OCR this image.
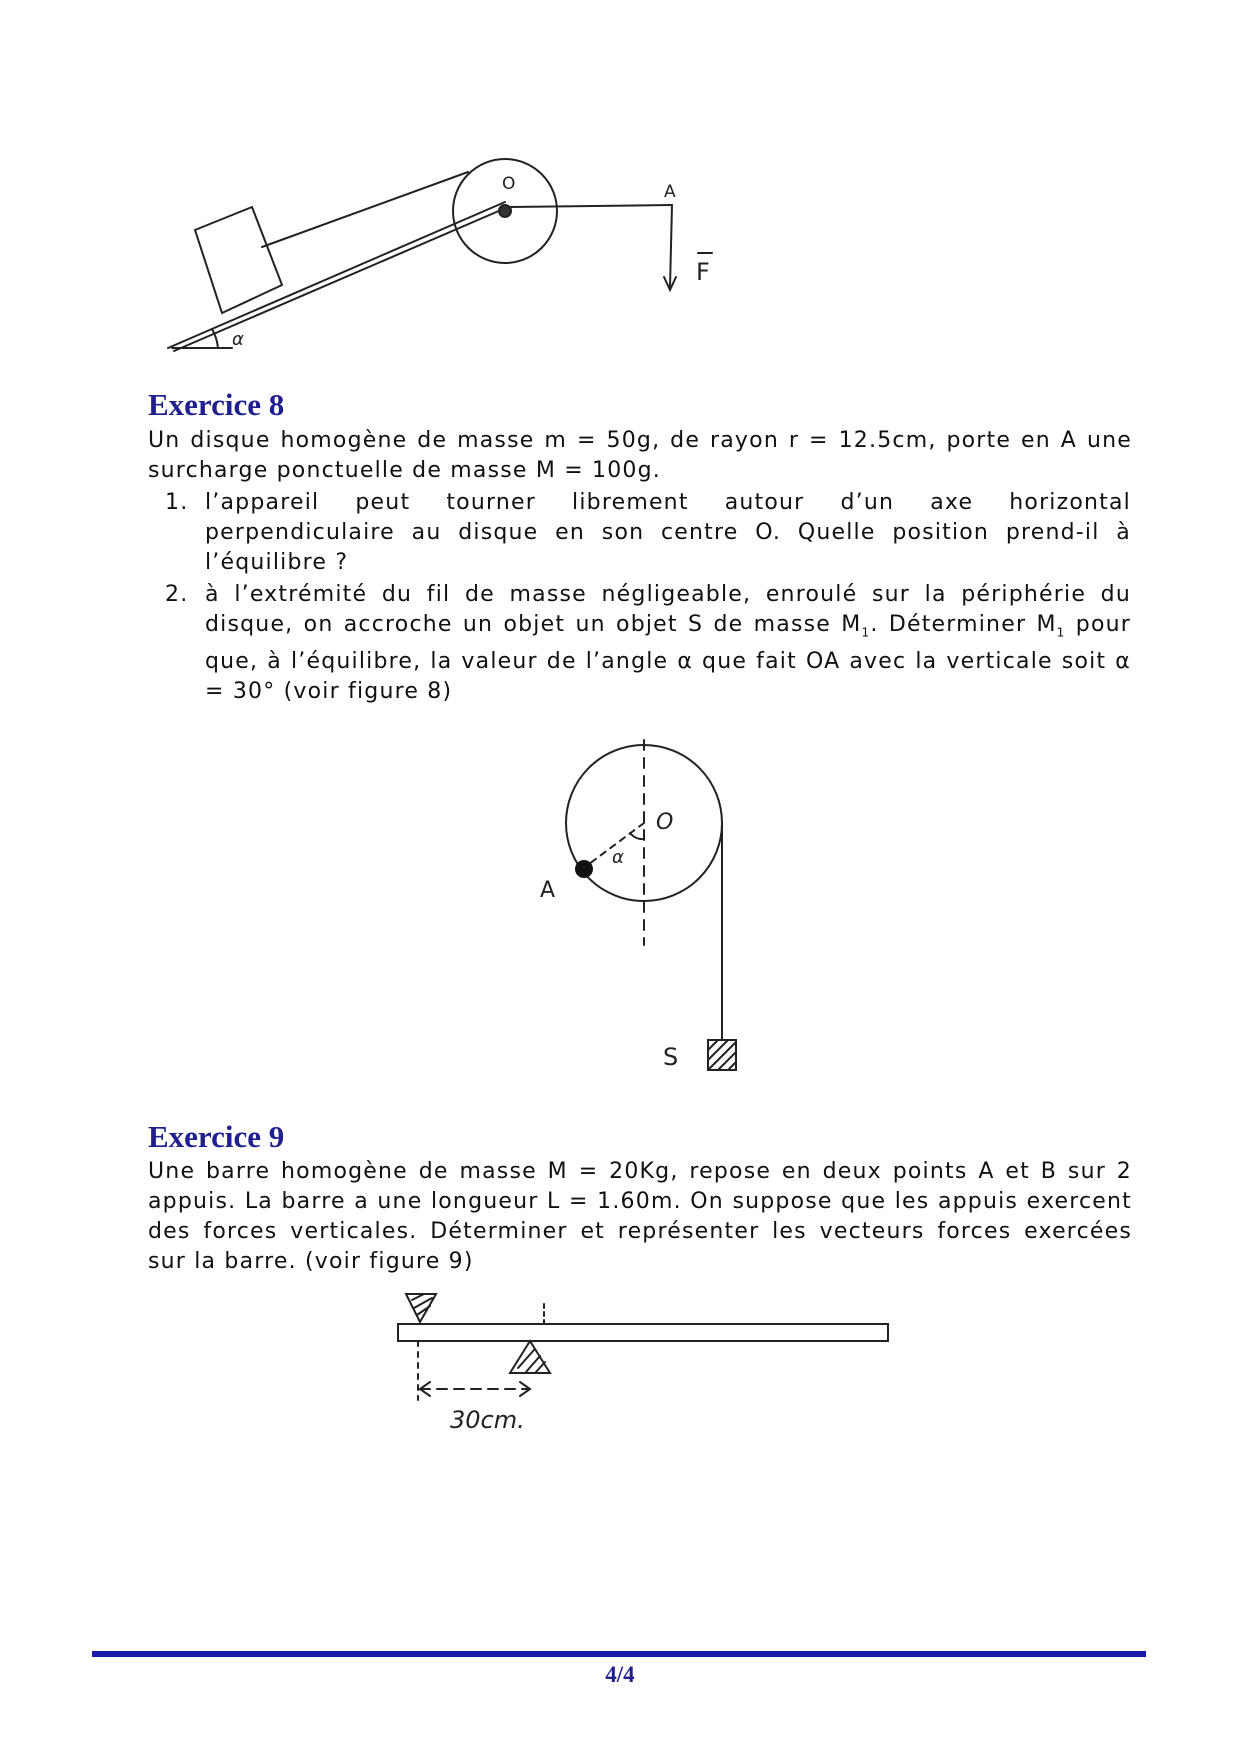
O	A
F
α
Exercice 8

Un disque homogène de masse m = 50g, de rayon r = 12.5cm, porte en A une surcharge ponctuelle de masse M = 100g.

1. l’appareil peut tourner librement autour d’un axe horizontal perpendiculaire au disque en son centre O. Quelle position prend-il à l’équilibre ?
2. à l’extrémité du fil de masse négligeable, enroulé sur la périphérie du disque, on accroche un objet un objet S de masse $M_1$. Déterminer $M_1$ pour que, à l’équilibre, la valeur de l’angle α que fait OA avec la verticale soit α = 30° (voir figure 8)
O
A
α
S
Exercice 9

Une barre homogène de masse M = 20Kg, repose en deux points A et B sur 2 appuis. La barre a une longueur L = 1.60m. On suppose que les appuis exercent des forces verticales. Déterminer et représenter les vecteurs forces exercées sur la barre. (voir figure 9)

30cm.
4/4
